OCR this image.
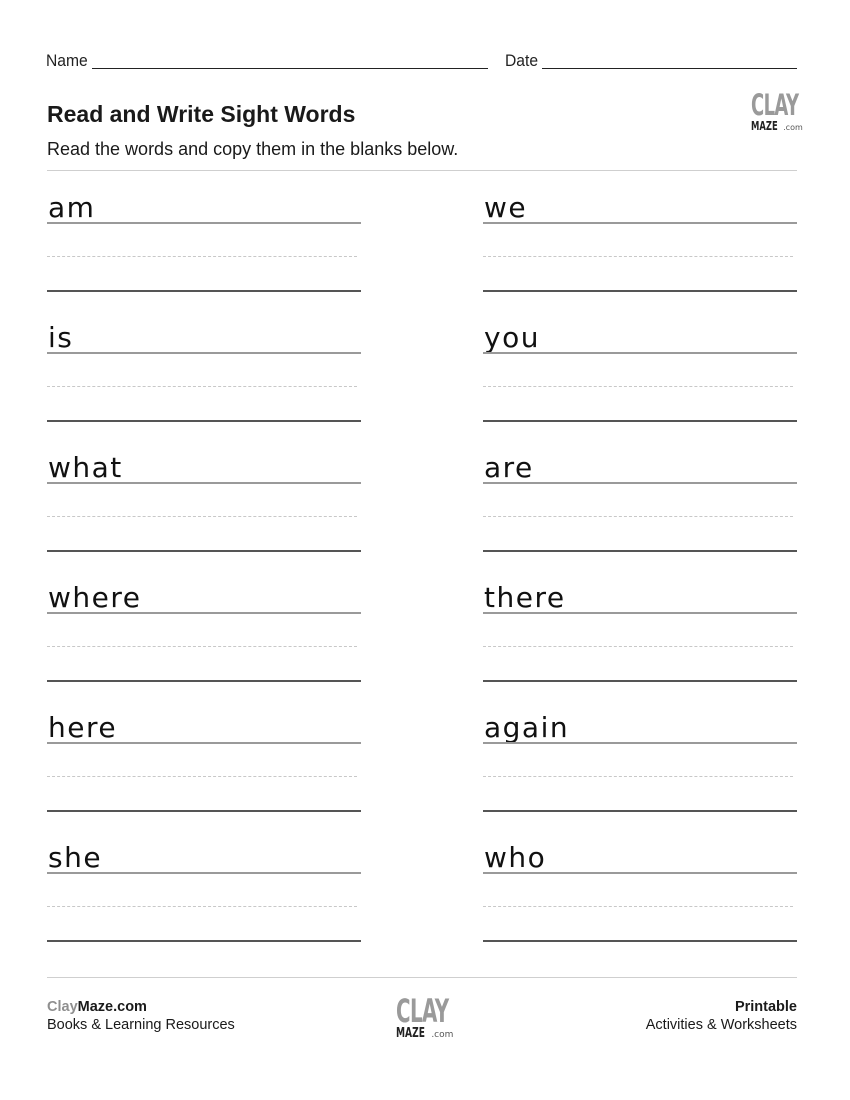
Name	Date
Read and Write Sight Words
Read the words and copy them in the blanks below.
CLAY
MAZE .com
am	we
is	you
what	are
where	there
here	again
she	who
ClayMaze.com
Books & Learning Resources	CLAY
MAZE .com
Printable
Activities & Worksheets
